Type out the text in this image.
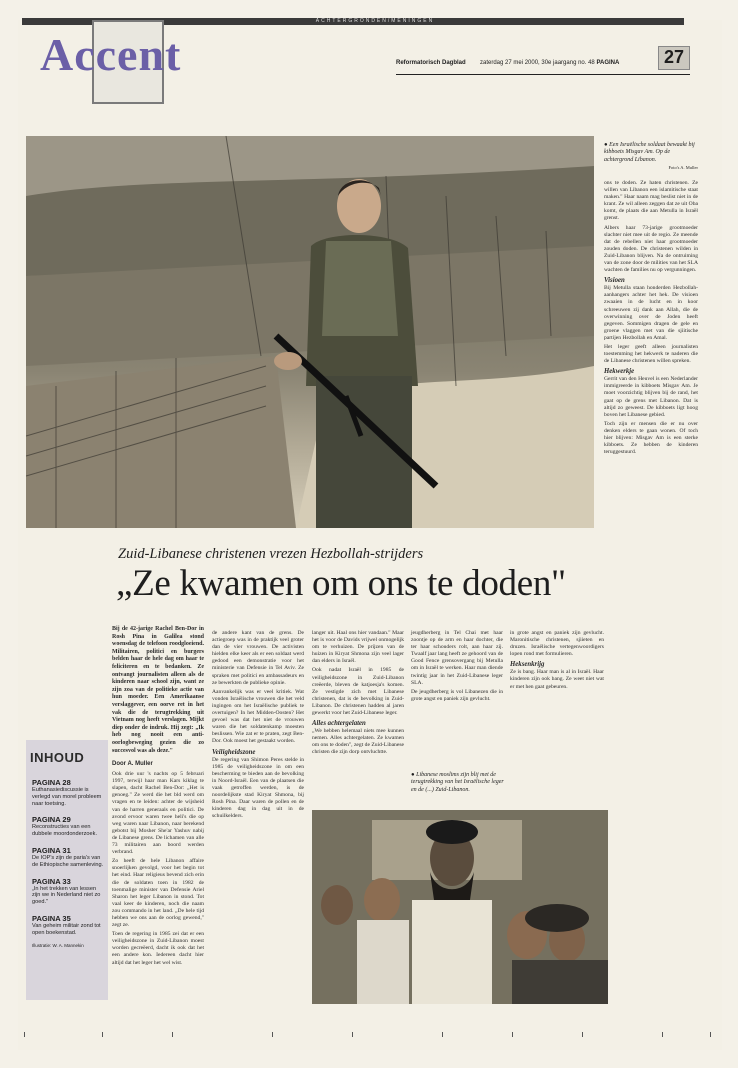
ACHTERGRONDEN/MENINGEN
Accent	Reformatorisch Dagblad zaterdag 27 mei 2000, 30e jaargang no. 48 PAGINA	27
● Een Israëlische soldaat bewaakt bij kibboets Misgav Am. Op de achtergrond Libanon.
Foto's A. Muller

ons te doden. Ze haten christenen. Ze willen van Libanon een islamitische staat maken." Haar naam mag beslist niet in de krant. Ze wil alleen zeggen dat ze uit Oba komt, de plaats die aan Metulla in Israël grenst.

Albers haar 73-jarige grootmoeder slachter niet mee uit de regio. Ze meende dat de rebellen niet haar grootmoeder zouden doden. De christenen wilden in Zuid-Libanon blijven. Na de ontruiming van de zone door de milities van het SLA wachten de families nu op vergunningen.

Visioen

Bij Metulla staan honderden Hezbollah-aanhangers achter het hek. De visioen zwaaien in de lucht en in koor schreeuwen zij dank aan Allah, die de overwinning over de Joden heeft gegeven. Sommigen dragen de gele en groene vlaggen met van die sjiitische partijen Hezbollah en Amal.

Het leger geeft alleen journalisten toestemming het hekwerk te naderen die de Libanese christenen willen spreken.

Hekwerkje

Gerrit van den Heuvel is een Nederlander immigreerde in kibboets Misgav Am. Je moet voorzichtig blijven bij de rand, het gaat op de grens met Libanon. Dat is altijd zo geweest. De kibboets ligt hoog boven het Libanese gebied.

Toch zijn er mensen die er nu over denken elders te gaan wonen. Of toch hier blijven: Misgav Am is een sterke kibboets. Ze hebben de kinderen teruggestuurd.

Zuid-Libanese christenen vrezen Hezbollah-strijders
„Ze kwamen om ons te doden"

Bij de 42-jarige Rachel Ben-Dor in Rosh Pina in Galilea stond woensdag de telefoon roodgloeiend. Militairen, politici en burgers belden haar de hele dag om haar te feliciteren en te bedanken. Ze ontvangt journalisten alleen als de kinderen naar school zijn, want ze zijn zoa van de politieke actie van hun moeder. Een Amerikaanse verslaggever, een oorve ret in het vak die de terugtrekking uit Vietnam nog heeft verslagen. Mijkt diep onder de indruk. Hij zegt: „Ik heb nog nooit een antioorlogbeweging gezien die zo succesvol was als deze."

Door A. Muller

Ook drie uur 's nachts op 5 februari 1997, terwijl haar man Kars kiklag te slapen, dacht Rachel Ben-Dor: „Het is genoeg." Ze werd die het bld werd om vragen en te leiden: achter de wijsheid van de harren generaals en politici. De avond ervoor waren twee heli's die op weg waren naar Libanon, naar berekend gebotst bij Mosher She'ar Yashuv nabij de Libanese grens. De lichamen van alle 73 militairen aan boord werden verbrand.

Zo heeft de hele Libanon affaire snoerlijken gevolgd, voor het begin tot het eind. Haar religieus bevend zich erin die de soldaten toen in 1982 de toenmalige minister van Defensie Ariel Sharon het leger Libanon in stond. Tot vaal keer de kinderen, noch die naam zou commando in het land. „De hele tijd hebben we ons aan de oorlog gewend," zegt ze.

Toen de regering in 1985 zei dat er een veiligheidszone in Zuid-Libanon moest worden gecreëerd, dacht ik ook dat het een andere kon. Iedereen dacht hier altijd dat het leger het wel wist.

INHOUD
PAGINA 28
Euthanasiediscussie is verlegd van morel probleem naar toetsing.
PAGINA 29
Reconstructies van een dubbele moordonderzoek.
PAGINA 31
De IOP's zijn de paria's van de Ethiopische samenleving.
PAGINA 33
„In het trekken van lessen zijn we in Nederland niet zo goed."
PAGINA 35
Van geheim militair zond tot open boekenstad.
Illustratie: W. A. Mannekin

de andere kant van de grens. De actiegroep was in de praktijk veel groter dan de vier vrouwen. De activisten hielden elke keer als er een soldaat werd gedood een demonstratie voor het ministerie van Defensie in Tel Aviv. Ze spraken met politici en ambassadeurs en ze bewerkten de publieke opinie.

Aanvankelijk was er veel kritiek. Wat vonden Israëlische vrouwen die het veld ingingen om het Israëlische publiek te overtuigen? In het Midden-Oosten? Het gevoel was dat het niet de vrouwen waren die het soldatenkamp moesten beslissen. Wie zat er te praten, zegt Ben-Dor. Ook moest het gestaakt worden.

Veiligheidszone

De regering van Shimon Peres stelde in 1985 de veiligheidszone in om een bescherming te bieden aan de bevolking in Noord-Israël. Een van de plaatsen die vaak getroffen werden, is de noordelijkste stad Kiryat Shmona, bij Rosh Pina. Daar waren de pollen en de kinderen dag in dag uit in de schuilkelders.

langer uit. Haal ons hier vandaan." Maar het is voor de Davids vrijwel onmogelijk om te verhuizen. De prijzen van de huizen in Kiryat Shmona zijn veel lager dan elders in Israël.

Ook nadat Israël in 1985 de veiligheidszone in Zuid-Libanon creëerde, bleven de katjoesja's komen. Ze vestigde zich met Libanese christenen, dat is de bevolking in Zuid-Libanon. De christenen hadden al jaren gewerkt voor het Zuid-Libanese leger.

Alles achtergelaten

„We hebben helemaal niets mee kunnen nemen. Alles achtergelaten. Ze kwamen om ons te doden", zegt de Zuid-Libanese christen die zijn dorp ontvluchtte.

jeugdherberg in Tel Chai met haar zoontje op de arm en haar dochter, die ter haar schouders rolt, aan haar zij. Twaalf jaar lang heeft ze gehoord van de Good Fence grensovergang bij Metulla om in Israël te werken. Haar man diende twintig jaar in het Zuid-Libanese leger SLA.

De jeugdherberg is vol Libanezen die in grote angst en paniek zijn gevlucht.

● Libanese moslims zijn blij met de terugtrekking van het Israëlische leger en de (...) Zuid-Libanon.

in grote angst en paniek zijn gevlucht. Maronitische christenen, sjiieten en druzen. Israëlische vertegenwoordigers lopen rond met formulieren.

Heksenkrijg

Ze is bang. Haar man is al in Israël. Haar kinderen zijn ook bang. Ze weet niet wat er met hen gaat gebeuren.
